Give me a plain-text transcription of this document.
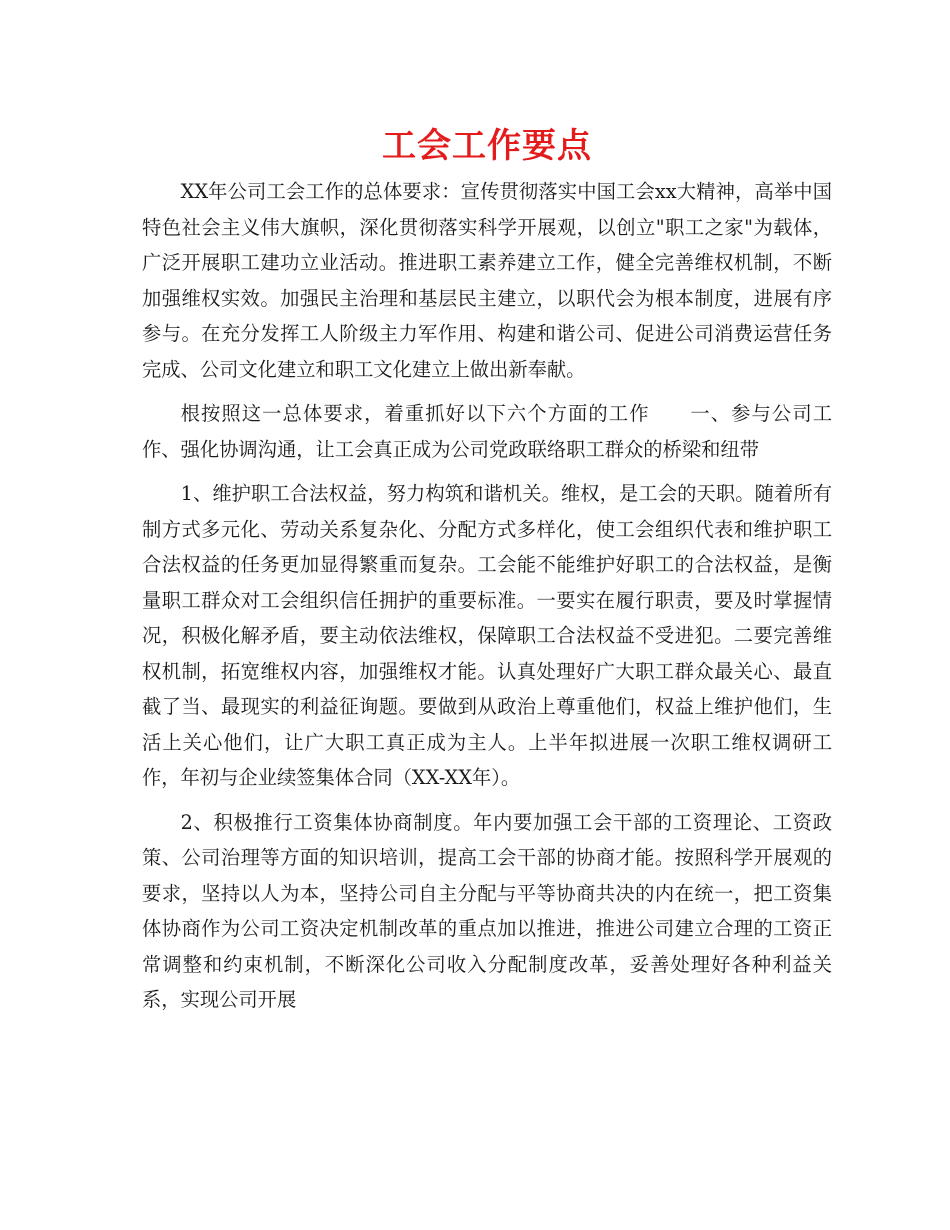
工会工作要点

XX年公司工会工作的总体要求：宣传贯彻落实中国工会xx大精神，高举中国特色社会主义伟大旗帜，深化贯彻落实科学开展观，以创立"职工之家"为载体，广泛开展职工建功立业活动。推进职工素养建立工作，健全完善维权机制，不断加强维权实效。加强民主治理和基层民主建立，以职代会为根本制度，进展有序参与。在充分发挥工人阶级主力军作用、构建和谐公司、促进公司消费运营任务完成、公司文化建立和职工文化建立上做出新奉献。

根按照这一总体要求，着重抓好以下六个方面的工作　　一、参与公司工作、强化协调沟通，让工会真正成为公司党政联络职工群众的桥梁和纽带

1、维护职工合法权益，努力构筑和谐机关。维权，是工会的天职。随着所有制方式多元化、劳动关系复杂化、分配方式多样化，使工会组织代表和维护职工合法权益的任务更加显得繁重而复杂。工会能不能维护好职工的合法权益，是衡量职工群众对工会组织信任拥护的重要标准。一要实在履行职责，要及时掌握情况，积极化解矛盾，要主动依法维权，保障职工合法权益不受进犯。二要完善维权机制，拓宽维权内容，加强维权才能。认真处理好广大职工群众最关心、最直截了当、最现实的利益征询题。要做到从政治上尊重他们，权益上维护他们，生活上关心他们，让广大职工真正成为主人。上半年拟进展一次职工维权调研工作，年初与企业续签集体合同（XX-XX年）。

2、积极推行工资集体协商制度。年内要加强工会干部的工资理论、工资政策、公司治理等方面的知识培训，提高工会干部的协商才能。按照科学开展观的要求，坚持以人为本，坚持公司自主分配与平等协商共决的内在统一，把工资集体协商作为公司工资决定机制改革的重点加以推进，推进公司建立合理的工资正常调整和约束机制，不断深化公司收入分配制度改革，妥善处理好各种利益关系，实现公司开展
